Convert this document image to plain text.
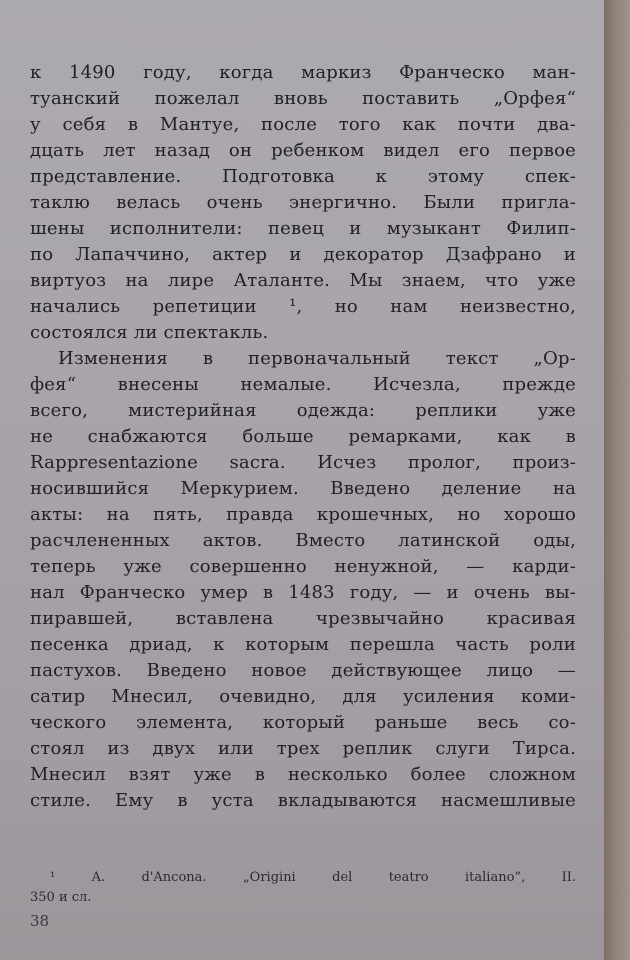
к 1490 году, когда маркиз Франческо ман-
туанский пожелал вновь поставить „Орфея“
у себя в Мантуе, после того как почти два-
дцать лет назад он ребенком видел его первое
представление. Подготовка к этому спек-
таклю велась очень энергично. Были пригла-
шены исполнители: певец и музыкант Филип-
по Лапаччино, актер и декоратор Дзафрано и
виртуоз на лире Аталанте. Мы знаем, что уже
начались репетиции ¹, но нам неизвестно,
состоялся ли спектакль.
Изменения в первоначальный текст „Ор-
фея“ внесены немалые. Исчезла, прежде
всего, мистерийная одежда: реплики уже
не снабжаются больше ремарками, как в
Rappresentazione sacra. Исчез пролог, произ-
носившийся Меркурием. Введено деление на
акты: на пять, правда крошечных, но хорошо
расчлененных актов. Вместо латинской оды,
теперь уже совершенно ненужной, — карди-
нал Франческо умер в 1483 году, — и очень вы-
пиравшей, вставлена чрезвычайно красивая
песенка дриад, к которым перешла часть роли
пастухов. Введено новое действующее лицо —
сатир Мнесил, очевидно, для усиления коми-
ческого элемента, который раньше весь со-
стоял из двух или трех реплик слуги Тирса.
Мнесил взят уже в несколько более сложном
стиле. Ему в уста вкладываются насмешливые
¹ A. d'Ancona. „Origini del teatro italiano“, II.
350 и сл.
38
